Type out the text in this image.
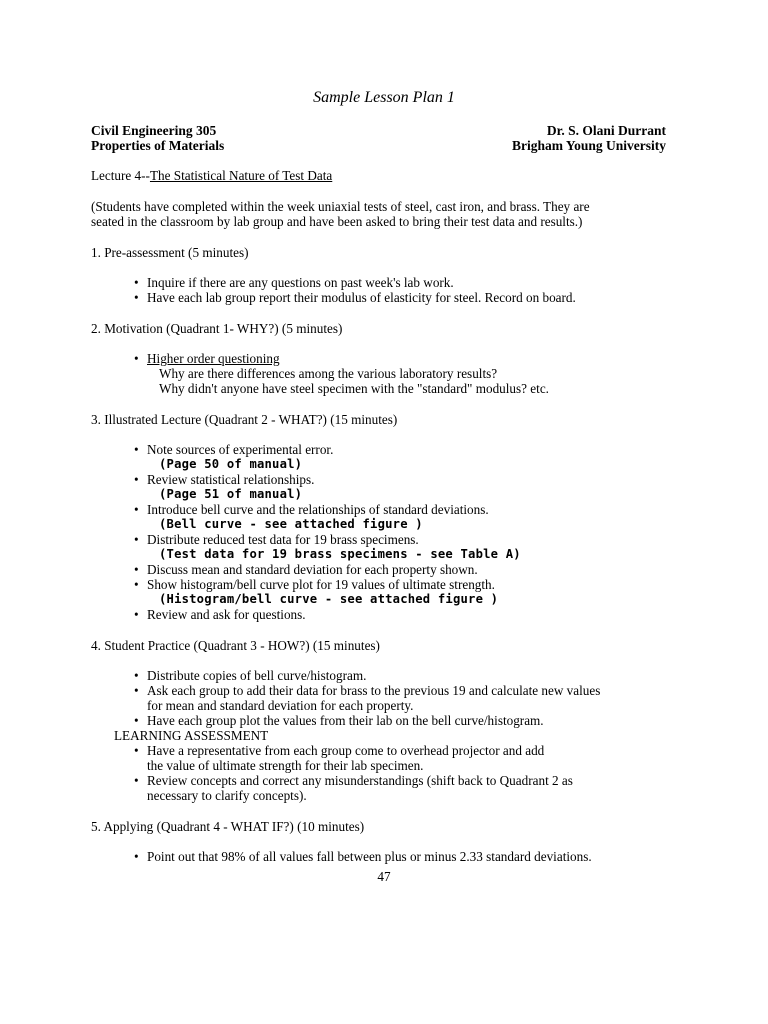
Sample Lesson Plan 1
Civil Engineering 305
Properties of Materials
Dr. S. Olani Durrant
Brigham Young University
Lecture 4--The Statistical Nature of Test Data
(Students have completed within the week uniaxial tests of steel, cast iron, and brass. They are
seated in the classroom by lab group and have been asked to bring their test data and results.)
1. Pre-assessment (5 minutes)
• Inquire if there are any questions on past week's lab work.
• Have each lab group report their modulus of elasticity for steel. Record on board.
2. Motivation (Quadrant 1- WHY?) (5 minutes)
• Higher order questioning
Why are there differences among the various laboratory results?
Why didn't anyone have steel specimen with the "standard" modulus? etc.
3. Illustrated Lecture (Quadrant 2 - WHAT?) (15 minutes)
• Note sources of experimental error.
(Page 50 of manual)
• Review statistical relationships.
(Page 51 of manual)
• Introduce bell curve and the relationships of standard deviations.
(Bell curve - see attached figure )
• Distribute reduced test data for 19 brass specimens.
(Test data for 19 brass specimens - see Table A)
• Discuss mean and standard deviation for each property shown.
• Show histogram/bell curve plot for 19 values of ultimate strength.
(Histogram/bell curve - see attached figure )
• Review and ask for questions.
4. Student Practice (Quadrant 3 - HOW?) (15 minutes)
• Distribute copies of bell curve/histogram.
• Ask each group to add their data for brass to the previous 19 and calculate new values
for mean and standard deviation for each property.
• Have each group plot the values from their lab on the bell curve/histogram.
LEARNING ASSESSMENT
• Have a representative from each group come to overhead projector and add
the value of ultimate strength for their lab specimen.
• Review concepts and correct any misunderstandings (shift back to Quadrant 2 as
necessary to clarify concepts).
5. Applying (Quadrant 4 - WHAT IF?) (10 minutes)
• Point out that 98% of all values fall between plus or minus 2.33 standard deviations.
47
